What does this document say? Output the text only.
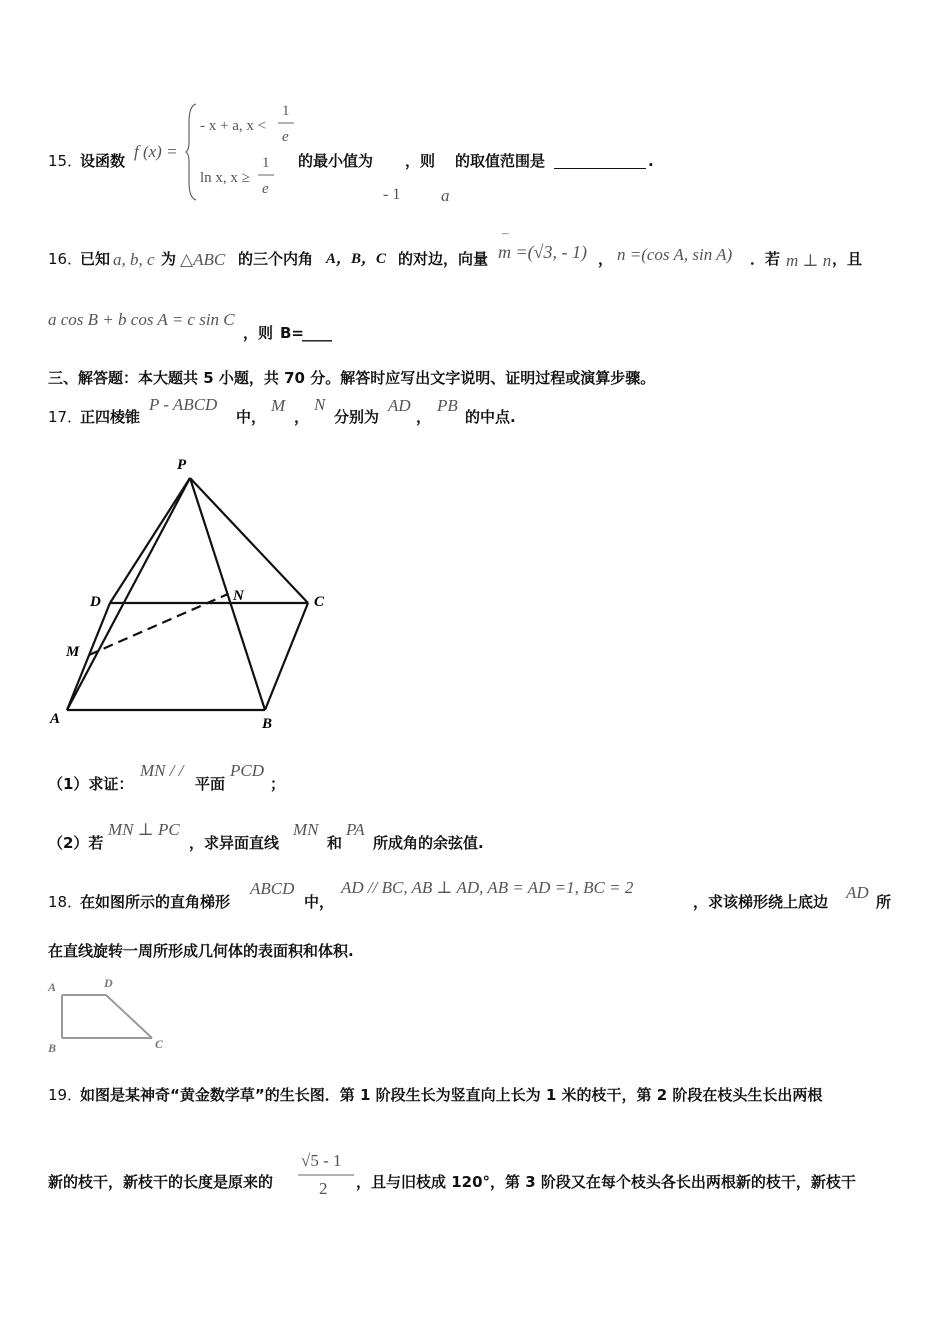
15．
设函数 f (x) =
- x + a, x <
1
e
ln x, x ≥
1
e
的最小值为 ，则 的取值范围是	.
- 1 a
16．
已知 a, b, c 为 △ABC 的三个内角 A，B，C 的对边，向量
–
m =(√3, - 1) ， n =(cos A, sin A) ．若 m ⊥ n ，且
a cos B + b cos A = c sin C
，则 B=
____
三、解答题：本大题共 5 小题，共 70 分。解答时应写出文字说明、证明过程或演算步骤。
17．
正四棱锥
P - ABCD
中，
M
，
N
分别为
AD
，
PB
的中点.
P
D	N	C
M
A	B
（1）求证：
MN / /
平面
PCD
；
（2）若
MN ⊥ PC
，求异面直线
MN
和
PA
所成角的余弦值.
18．
在如图所示的直角梯形
ABCD
中，
AD // BC, AB ⊥ AD, AB = AD =1, BC = 2
，求该梯形绕上底边 AD 所
在直线旋转一周所形成几何体的表面积和体积.
A	D
B	C
19．
如图是某神奇“黄金数学草”的生长图．第 1 阶段生长为竖直向上长为 1 米的枝干，第 2 阶段在枝头生长出两根
新的枝干，新枝干的长度是原来的
√5 - 1
2 ，且与旧枝成 120°，第 3 阶段又在每个枝头各长出两根新的枝干，新枝干
